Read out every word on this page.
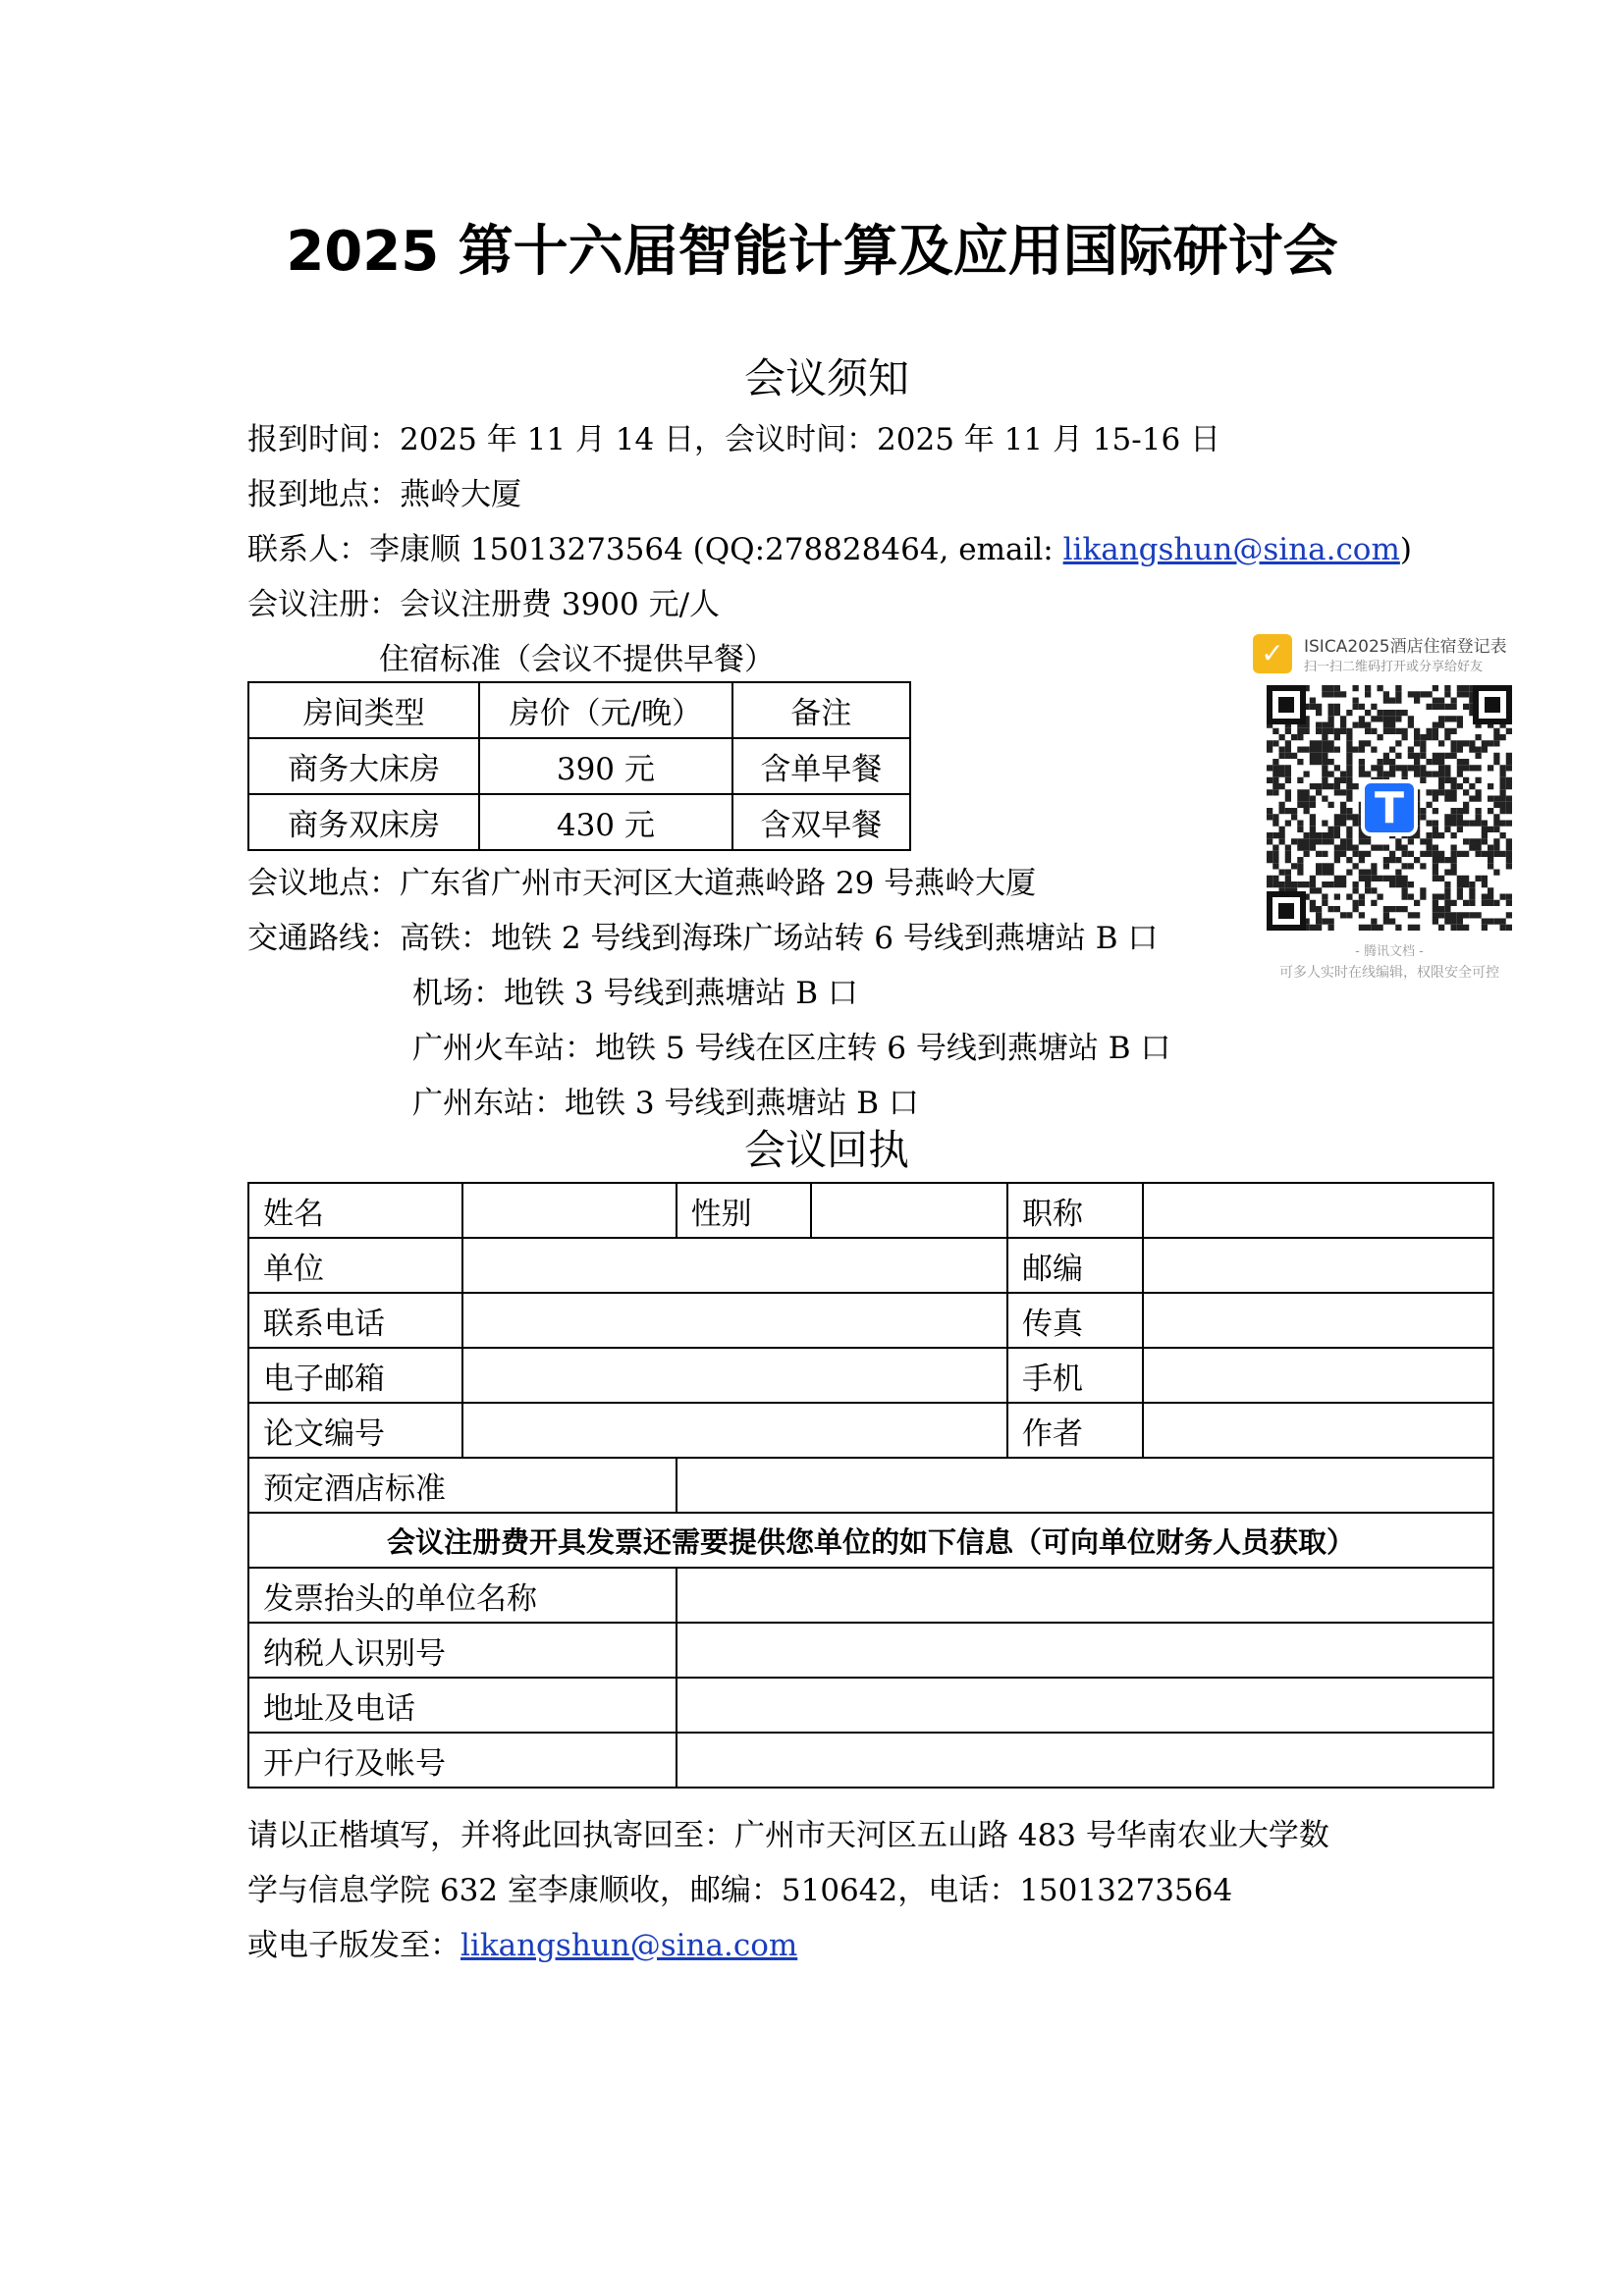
2025 第十六届智能计算及应用国际研讨会
会议须知
报到时间：2025 年 11 月 14 日，会议时间：2025 年 11 月 15-16 日
报到地点：燕岭大厦
联系人：李康顺 15013273564 (QQ:278828464, email: likangshun@sina.com)
会议注册：会议注册费 3900 元/人
住宿标准（会议不提供早餐）
房间类型	房价（元/晚）	备注
商务大床房	390 元	含单早餐
商务双床房	430 元	含双早餐
会议地点：广东省广州市天河区大道燕岭路 29 号燕岭大厦
交通路线：高铁：地铁 2 号线到海珠广场站转 6 号线到燕塘站 B 口
机场：地铁 3 号线到燕塘站 B 口
广州火车站：地铁 5 号线在区庄转 6 号线到燕塘站 B 口
广州东站：地铁 3 号线到燕塘站 B 口
✓	ISICA2025酒店住宿登记表
扫一扫二维码打开或分享给好友
T
- 腾讯文档 -
可多人实时在线编辑，权限安全可控
会议回执
姓名		性别		职称	
单位				邮编	
联系电话				传真	
电子邮箱				手机	
论文编号				作者	
预定酒店标准					
会议注册费开具发票还需要提供您单位的如下信息（可向单位财务人员获取）					
发票抬头的单位名称					
纳税人识别号					
地址及电话					
开户行及帐号					
请以正楷填写，并将此回执寄回至：广州市天河区五山路 483 号华南农业大学数
学与信息学院 632 室李康顺收，邮编：510642，电话：15013273564
或电子版发至：likangshun@sina.com
